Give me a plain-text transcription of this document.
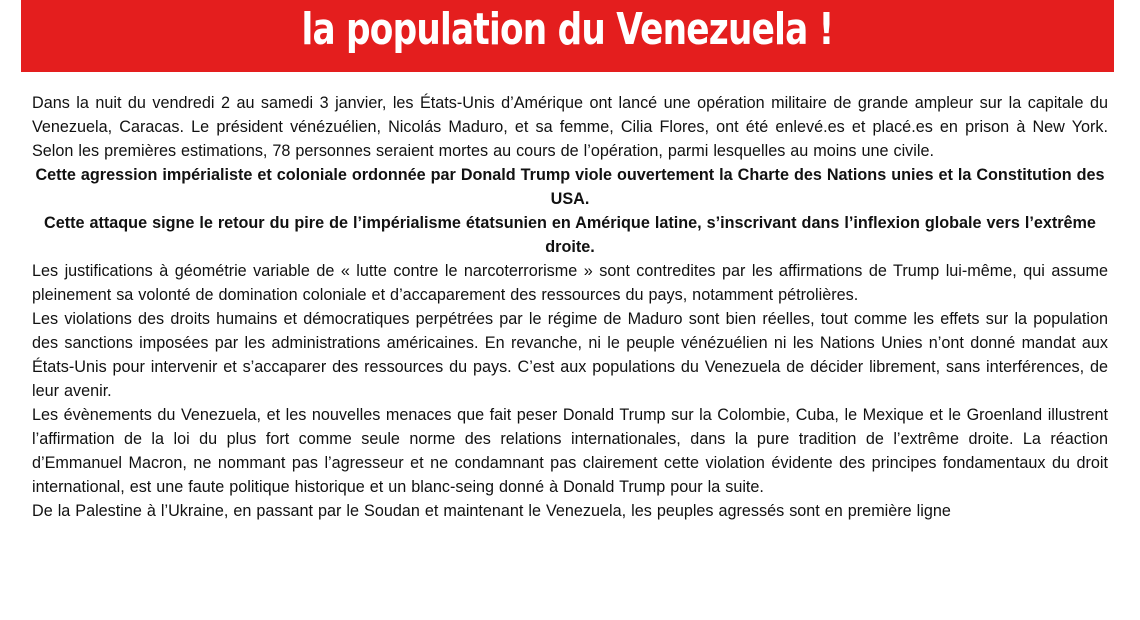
la population du Venezuela !

Dans la nuit du vendredi 2 au samedi 3 janvier, les États-Unis d’Amérique ont lancé une opération militaire de grande ampleur sur la capitale du Venezuela, Caracas. Le président vénézuélien, Nicolás Maduro, et sa femme, Cilia Flores, ont été enlevé.es et placé.es en prison à New York. Selon les premières estimations, 78 personnes seraient mortes au cours de l’opération, parmi lesquelles au moins une civile.

Cette agression impérialiste et coloniale ordonnée par Donald Trump viole ouvertement la Charte des Nations unies et la Constitution des USA.

Cette attaque signe le retour du pire de l’impérialisme étatsunien en Amérique latine, s’inscrivant dans l’inflexion globale vers l’extrême droite.

Les justifications à géométrie variable de « lutte contre le narcoterrorisme » sont contredites par les affirmations de Trump lui-même, qui assume pleinement sa volonté de domination coloniale et d’accaparement des ressources du pays, notamment pétrolières.

Les violations des droits humains et démocratiques perpétrées par le régime de Maduro sont bien réelles, tout comme les effets sur la population des sanctions imposées par les administrations américaines. En revanche, ni le peuple vénézuélien ni les Nations Unies n’ont donné mandat aux États-Unis pour intervenir et s’accaparer des ressources du pays. C’est aux populations du Venezuela de décider librement, sans interférences, de leur avenir.

Les évènements du Venezuela, et les nouvelles menaces que fait peser Donald Trump sur la Colombie, Cuba, le Mexique et le Groenland illustrent l’affirmation de la loi du plus fort comme seule norme des relations internationales, dans la pure tradition de l’extrême droite. La réaction d’Emmanuel Macron, ne nommant pas l’agresseur et ne condamnant pas clairement cette violation évidente des principes fondamentaux du droit international, est une faute politique historique et un blanc-seing donné à Donald Trump pour la suite.

De la Palestine à l’Ukraine, en passant par le Soudan et maintenant le Venezuela, les peuples agressés sont en première ligne
